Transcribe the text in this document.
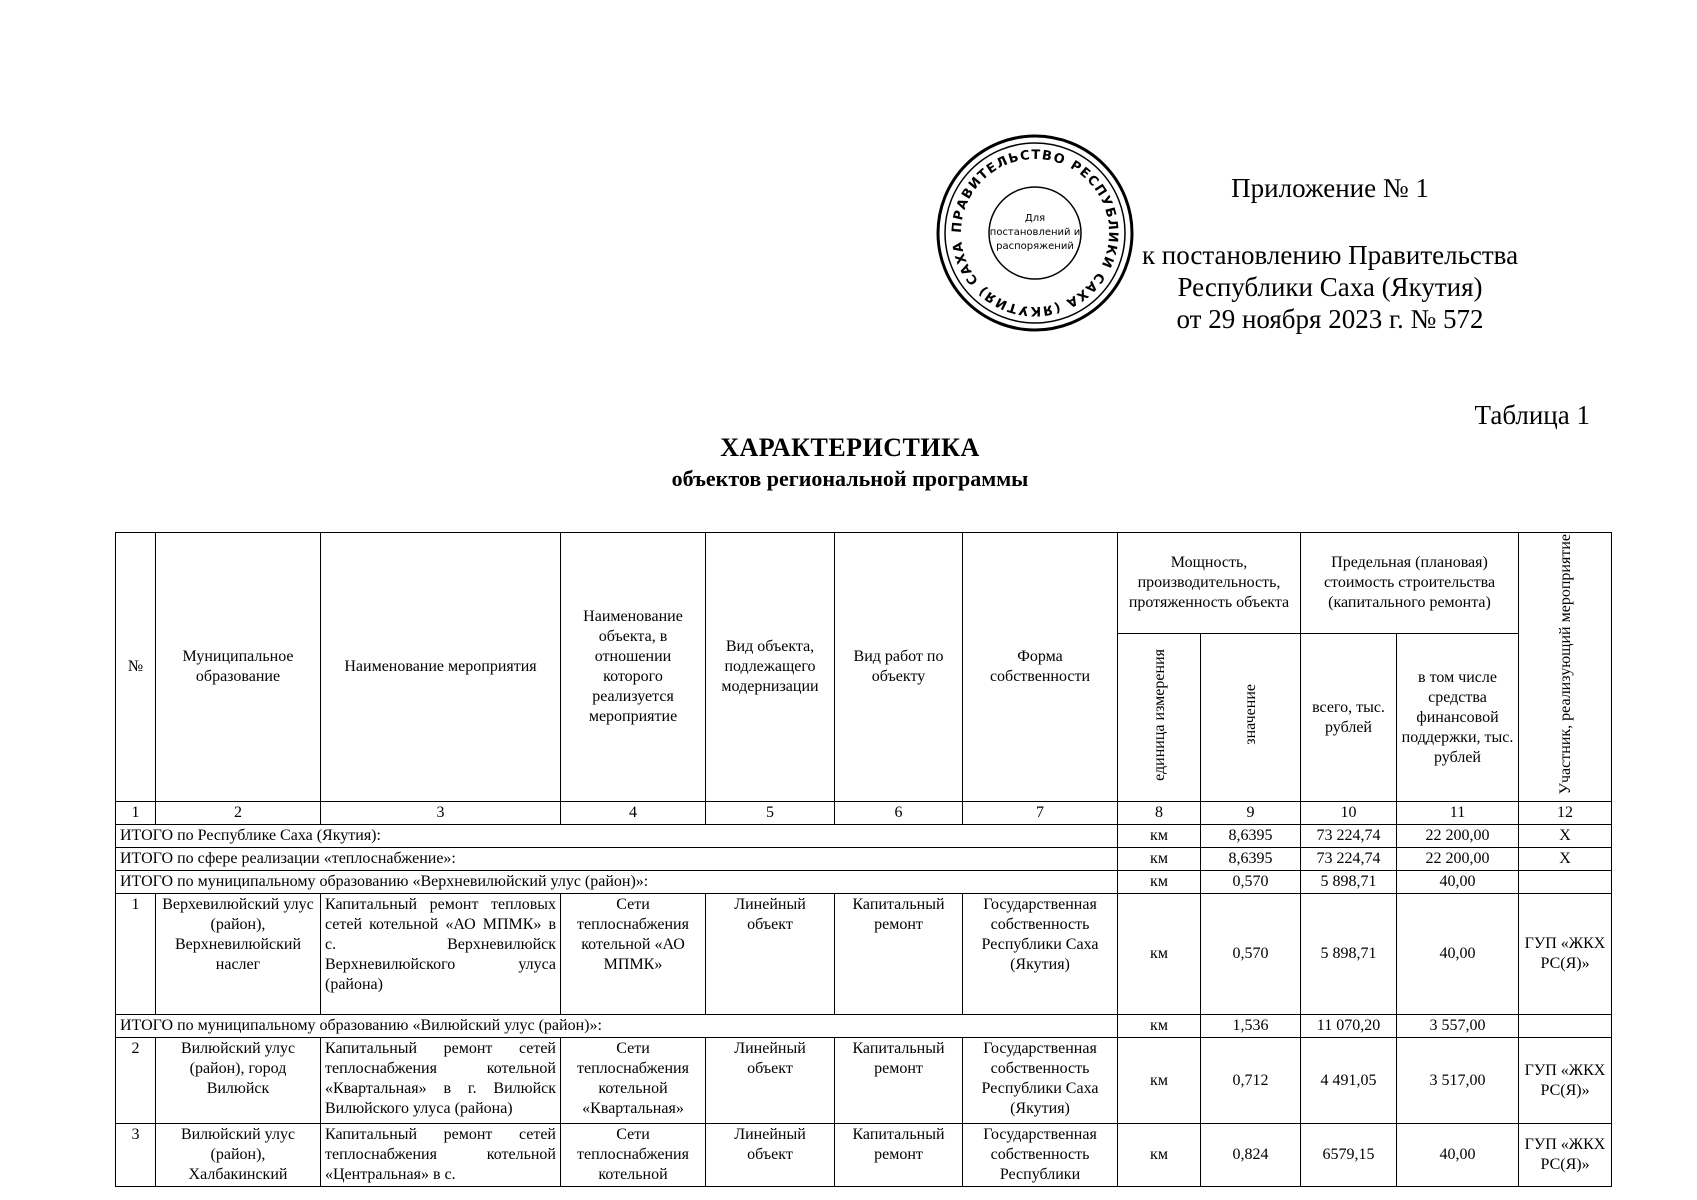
ПРАВИТЕЛЬСТВО РЕСПУБЛИКИ САХА (ЯКУТИЯ) САХА
Для
постановлений и
распоряжений
Приложение № 1
к постановлению Правительства
Республики Саха (Якутия)
от 29 ноября 2023 г. № 572
Таблица 1
ХАРАКТЕРИСТИКА
объектов региональной программы
№	Муниципальное образование	Наименование мероприятия	Наименование объекта, в отношении которого реализуется мероприятие	Вид объекта, подлежащего модернизации	Вид работ по объекту	Форма собственности	Мощность, производительность, протяженность объекта		Предельная (плановая) стоимость строительства (капитального ремонта)		Участник, реализующий мероприятие
							единица измерения	значение	всего, тыс. рублей	в том числе средства финансовой поддержки, тыс. рублей	
1	2	3	4	5	6	7	8	9	10	11	12
ИТОГО по Республике Саха (Якутия):							км	8,6395	73 224,74	22 200,00	Х
ИТОГО по сфере реализации «теплоснабжение»:							км	8,6395	73 224,74	22 200,00	Х
ИТОГО по муниципальному образованию «Верхневилюйский улус (район)»:							км	0,570	5 898,71	40,00	
1	Верхевилюйский улус (район), Верхневилюйский наслег	Капитальный ремонт тепловых сетей котельной «АО МПМК» в с. Верхневилюйск Верхневилюйского улуса (района)	Сети теплоснабжения котельной «АО МПМК»	Линейный объект	Капитальный ремонт	Государственная собственность Республики Саха (Якутия)	км	0,570	5 898,71	40,00	ГУП «ЖКХ РС(Я)»
ИТОГО по муниципальному образованию «Вилюйский улус (район)»:							км	1,536	11 070,20	3 557,00	
2	Вилюйский улус (район), город Вилюйск	Капитальный ремонт сетей теплоснабжения котельной «Квартальная» в г. Вилюйск Вилюйского улуса (района)	Сети теплоснабжения котельной «Квартальная»	Линейный объект	Капитальный ремонт	Государственная собственность Республики Саха (Якутия)	км	0,712	4 491,05	3 517,00	ГУП «ЖКХ РС(Я)»
3	Вилюйский улус (район), Халбакинский	Капитальный ремонт сетей теплоснабжения котельной «Центральная» в с.	Сети теплоснабжения котельной	Линейный объект	Капитальный ремонт	Государственная собственность Республики	км	0,824	6579,15	40,00	ГУП «ЖКХ РС(Я)»
